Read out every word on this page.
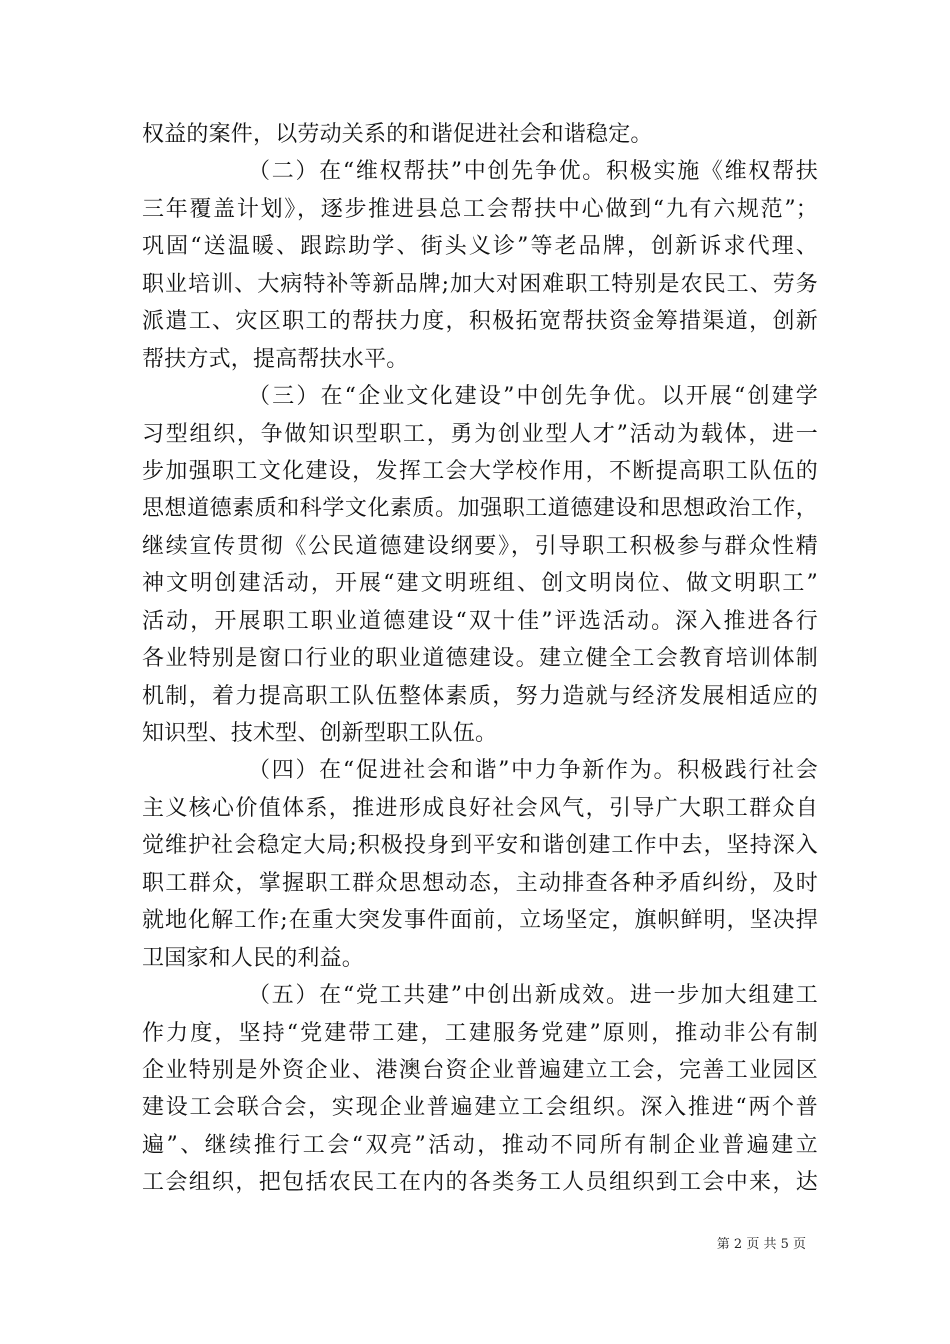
权益的案件，以劳动关系的和谐促进社会和谐稳定。
（二）在“维权帮扶”中创先争优。积极实施《维权帮扶
三年覆盖计划》，逐步推进县总工会帮扶中心做到“九有六规范”；
巩固“送温暖、跟踪助学、街头义诊”等老品牌，创新诉求代理、
职业培训、大病特补等新品牌;加大对困难职工特别是农民工、劳务
派遣工、灾区职工的帮扶力度，积极拓宽帮扶资金筹措渠道，创新
帮扶方式，提高帮扶水平。
（三）在“企业文化建设”中创先争优。以开展“创建学
习型组织，争做知识型职工，勇为创业型人才”活动为载体，进一
步加强职工文化建设，发挥工会大学校作用，不断提高职工队伍的
思想道德素质和科学文化素质。加强职工道德建设和思想政治工作，
继续宣传贯彻《公民道德建设纲要》，引导职工积极参与群众性精
神文明创建活动，开展“建文明班组、创文明岗位、做文明职工”
活动，开展职工职业道德建设“双十佳”评选活动。深入推进各行
各业特别是窗口行业的职业道德建设。建立健全工会教育培训体制
机制，着力提高职工队伍整体素质，努力造就与经济发展相适应的
知识型、技术型、创新型职工队伍。
（四）在“促进社会和谐”中力争新作为。积极践行社会
主义核心价值体系，推进形成良好社会风气，引导广大职工群众自
觉维护社会稳定大局;积极投身到平安和谐创建工作中去，坚持深入
职工群众，掌握职工群众思想动态，主动排查各种矛盾纠纷，及时
就地化解工作;在重大突发事件面前，立场坚定，旗帜鲜明，坚决捍
卫国家和人民的利益。
（五）在“党工共建”中创出新成效。进一步加大组建工
作力度，坚持“党建带工建，工建服务党建”原则，推动非公有制
企业特别是外资企业、港澳台资企业普遍建立工会，完善工业园区
建设工会联合会，实现企业普遍建立工会组织。深入推进“两个普
遍”、继续推行工会“双亮”活动，推动不同所有制企业普遍建立
工会组织，把包括农民工在内的各类务工人员组织到工会中来，达
第 2 页 共 5 页
